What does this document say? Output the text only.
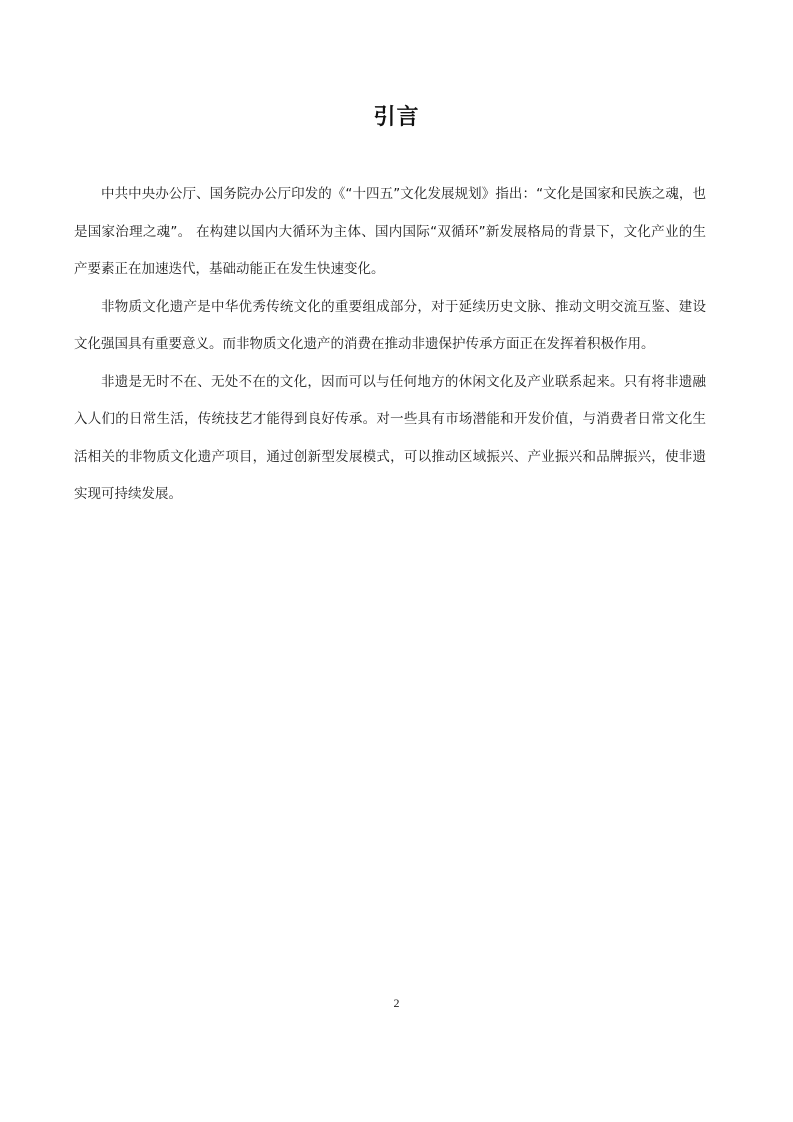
引言

中共中央办公厅、国务院办公厅印发的《“十四五”文化发展规划》指出：“文化是国家和民族之魂，也是国家治理之魂”。 在构建以国内大循环为主体、国内国际“双循环”新发展格局的背景下，文化产业的生产要素正在加速迭代，基础动能正在发生快速变化。

非物质文化遗产是中华优秀传统文化的重要组成部分，对于延续历史文脉、推动文明交流互鉴、建设文化强国具有重要意义。而非物质文化遗产的消费在推动非遗保护传承方面正在发挥着积极作用。

非遗是无时不在、无处不在的文化，因而可以与任何地方的休闲文化及产业联系起来。只有将非遗融入人们的日常生活，传统技艺才能得到良好传承。对一些具有市场潜能和开发价值，与消费者日常文化生活相关的非物质文化遗产项目，通过创新型发展模式，可以推动区域振兴、产业振兴和品牌振兴，使非遗实现可持续发展。

2
